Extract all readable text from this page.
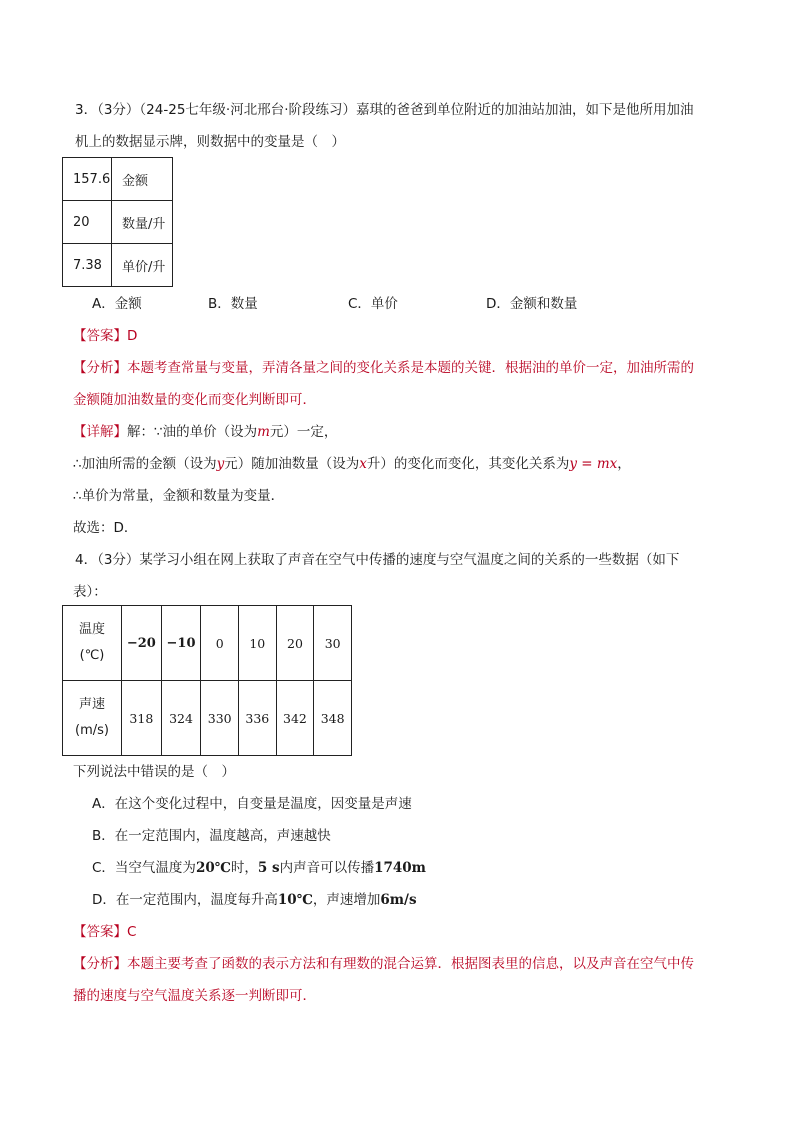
3．（3分）（24-25七年级·河北邢台·阶段练习）嘉琪的爸爸到单位附近的加油站加油，如下是他所用加油
机上的数据显示牌，则数据中的变量是（　）
157.6	金额
20	数量/升
7.38	单价/升
A．金额	B．数量	C．单价	D．金额和数量
【答案】D
【分析】本题考查常量与变量，弄清各量之间的变化关系是本题的关键．根据油的单价一定，加油所需的
金额随加油数量的变化而变化判断即可．
【详解】解：∵油的单价（设为m元）一定，
∴加油所需的金额（设为y元）随加油数量（设为x升）的变化而变化，其变化关系为y = mx，
∴单价为常量，金额和数量为变量．
故选：D．
4．（3分）某学习小组在网上获取了声音在空气中传播的速度与空气温度之间的关系的一些数据（如下
表）：
温度
(℃)	−20	−10	0	10	20	30

声速
(m/s)	318	324	330	336	342	348
下列说法中错误的是（　）
A．在这个变化过程中，自变量是温度，因变量是声速
B．在一定范围内，温度越高，声速越快
C．当空气温度为20℃时，5 s内声音可以传播1740m
D．在一定范围内，温度每升高10℃，声速增加6m/s
【答案】C
【分析】本题主要考查了函数的表示方法和有理数的混合运算．根据图表里的信息，以及声音在空气中传
播的速度与空气温度关系逐一判断即可．
